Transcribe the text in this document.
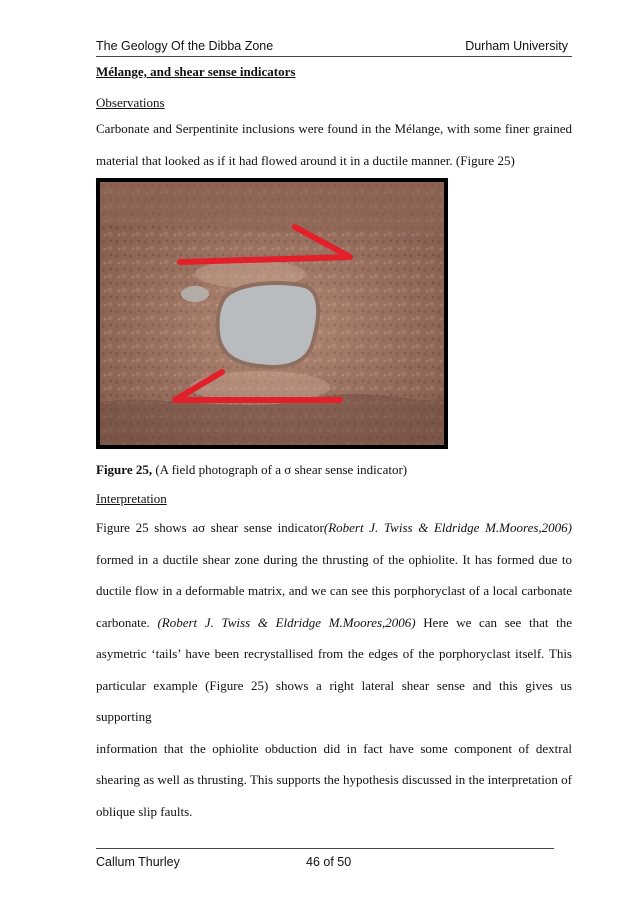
The Geology Of the Dibba Zone	Durham University
Mélange, and shear sense indicators
Observations
Carbonate and Serpentinite inclusions were found in the Mélange, with some finer grained
material that looked as if it had flowed around it in a ductile manner. (Figure 25)
Figure 25, (A field photograph of a σ shear sense indicator)
Interpretation
Figure 25 shows aσ shear sense indicator(Robert J. Twiss & Eldridge M.Moores,2006)
formed in a ductile shear zone during the thrusting of the ophiolite. It has formed due to
ductile flow in a deformable matrix, and we can see this porphoryclast of a local carbonate
carbonate. (Robert J. Twiss & Eldridge M.Moores,2006) Here we can see that the
asymetric ‘tails’ have been recrystallised from the edges of the porphoryclast itself. This
particular example (Figure 25) shows a right lateral shear sense and this gives us supporting
information that the ophiolite obduction did in fact have some component of dextral
shearing as well as thrusting. This supports the hypothesis discussed in the interpretation of
oblique slip faults.
Callum Thurley	46 of 50
